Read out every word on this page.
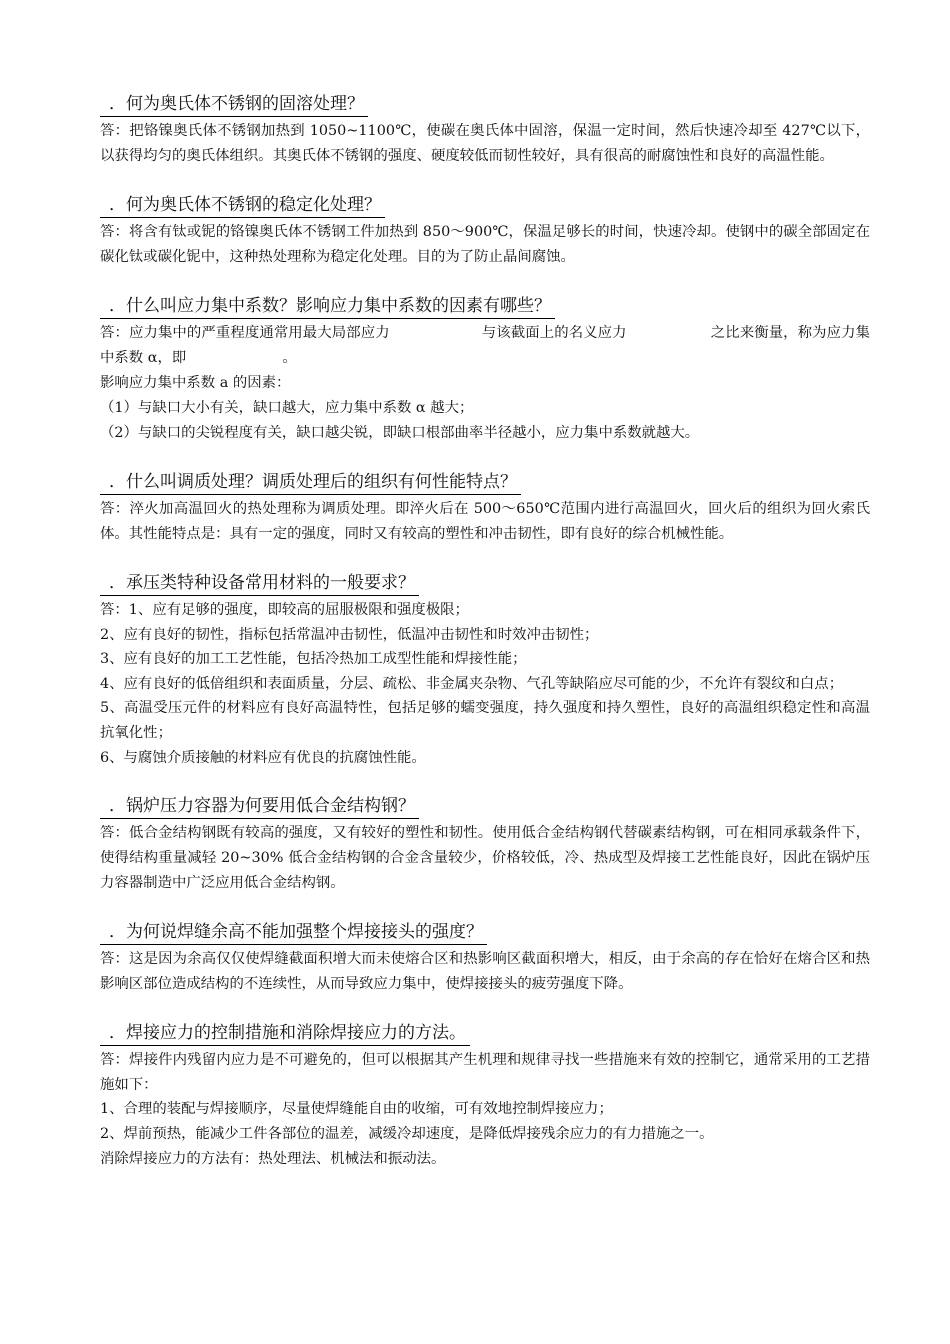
．何为奥氏体不锈钢的固溶处理？

答：把铬镍奥氏体不锈钢加热到 1050~1100℃，使碳在奥氏体中固溶，保温一定时间，然后快速冷却至 427℃以下，以获得均匀的奥氏体组织。其奥氏体不锈钢的强度、硬度较低而韧性较好，具有很高的耐腐蚀性和良好的高温性能。

．何为奥氏体不锈钢的稳定化处理？

答：将含有钛或铌的铬镍奥氏体不锈钢工件加热到 850～900℃，保温足够长的时间，快速冷却。使钢中的碳全部固定在碳化钛或碳化铌中，这种热处理称为稳定化处理。目的为了防止晶间腐蚀。

．什么叫应力集中系数？影响应力集中系数的因素有哪些？

答：应力集中的严重程度通常用最大局部应力	与该截面上的名义应力	之比来衡量，称为应力集中系数 α，即	。

影响应力集中系数 a 的因素：

（1）与缺口大小有关，缺口越大，应力集中系数 α 越大；

（2）与缺口的尖锐程度有关，缺口越尖锐，即缺口根部曲率半径越小，应力集中系数就越大。

．什么叫调质处理？调质处理后的组织有何性能特点？

答：淬火加高温回火的热处理称为调质处理。即淬火后在 500～650℃范围内进行高温回火，回火后的组织为回火索氏体。其性能特点是：具有一定的强度，同时又有较高的塑性和冲击韧性，即有良好的综合机械性能。

．承压类特种设备常用材料的一般要求？

答：1、应有足够的强度，即较高的屈服极限和强度极限；

2、应有良好的韧性，指标包括常温冲击韧性，低温冲击韧性和时效冲击韧性；

3、应有良好的加工工艺性能，包括冷热加工成型性能和焊接性能；

4、应有良好的低倍组织和表面质量，分层、疏松、非金属夹杂物、气孔等缺陷应尽可能的少，不允许有裂纹和白点；

5、高温受压元件的材料应有良好高温特性，包括足够的蠕变强度，持久强度和持久塑性，良好的高温组织稳定性和高温抗氧化性；

6、与腐蚀介质接触的材料应有优良的抗腐蚀性能。

．锅炉压力容器为何要用低合金结构钢？

答：低合金结构钢既有较高的强度，又有较好的塑性和韧性。使用低合金结构钢代替碳素结构钢，可在相同承载条件下，使得结构重量减轻 20~30% 低合金结构钢的合金含量较少，价格较低，冷、热成型及焊接工艺性能良好，因此在锅炉压力容器制造中广泛应用低合金结构钢。

．为何说焊缝余高不能加强整个焊接接头的强度？

答：这是因为余高仅仅使焊缝截面积增大而未使熔合区和热影响区截面积增大，相反，由于余高的存在恰好在熔合区和热影响区部位造成结构的不连续性，从而导致应力集中，使焊接接头的疲劳强度下降。

．焊接应力的控制措施和消除焊接应力的方法。

答：焊接件内残留内应力是不可避免的，但可以根据其产生机理和规律寻找一些措施来有效的控制它，通常采用的工艺措施如下：

1、合理的装配与焊接顺序，尽量使焊缝能自由的收缩，可有效地控制焊接应力；

2、焊前预热，能减少工件各部位的温差，减缓冷却速度，是降低焊接残余应力的有力措施之一。

消除焊接应力的方法有：热处理法、机械法和振动法。
